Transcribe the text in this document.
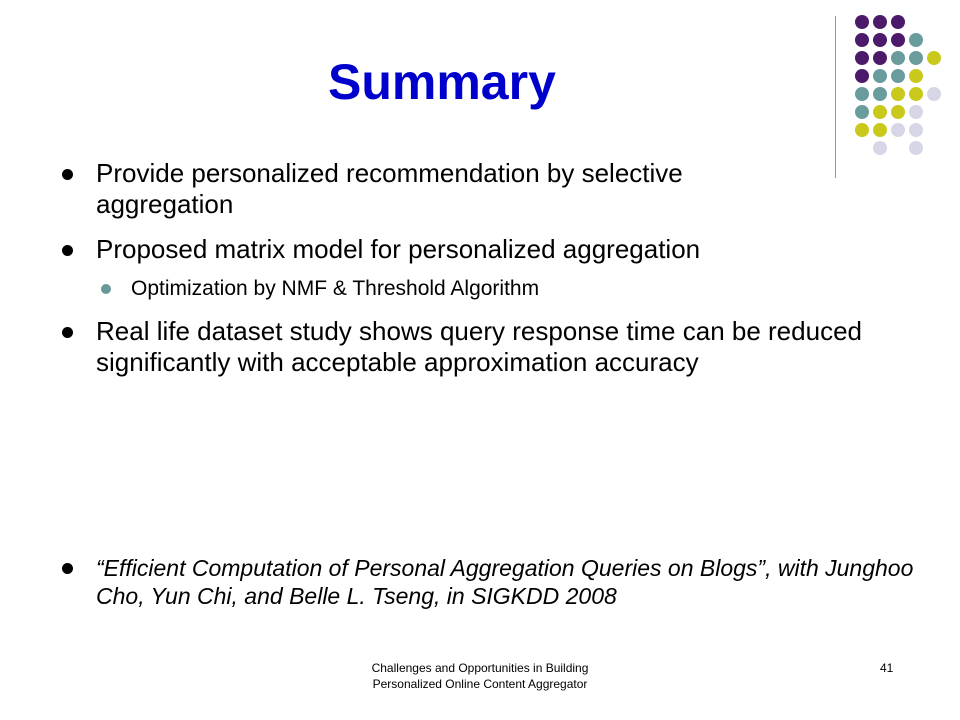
Summary
Provide personalized recommendation by selective aggregation
Proposed matrix model for personalized aggregation
Optimization by NMF & Threshold Algorithm
Real life dataset study shows query response time can be reduced significantly with acceptable approximation accuracy
“Efficient Computation of Personal Aggregation Queries on Blogs”, with Junghoo Cho, Yun Chi, and Belle L. Tseng, in SIGKDD 2008
Challenges and Opportunities in Building
Personalized Online Content Aggregator
41
